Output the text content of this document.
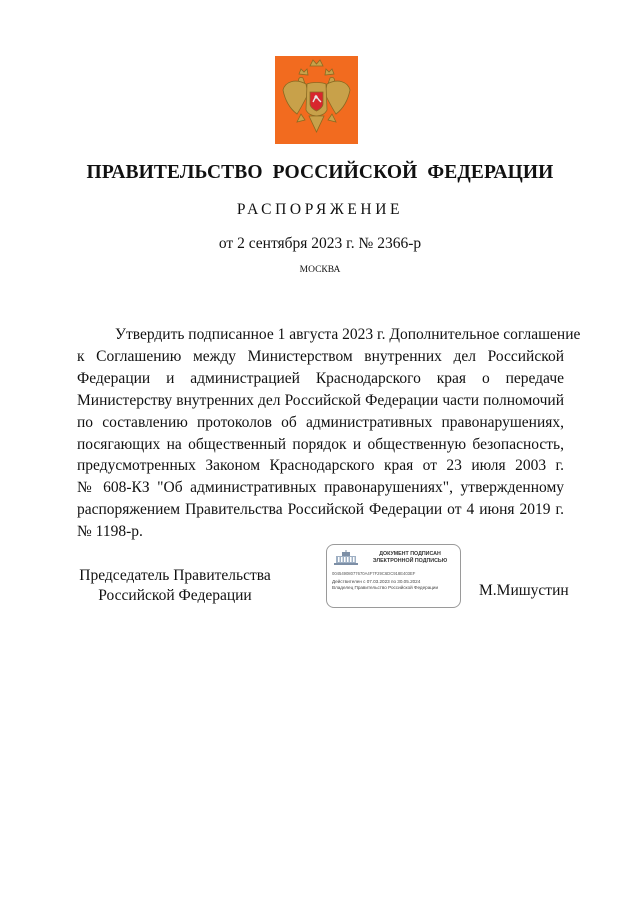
ПРАВИТЕЛЬСТВО РОССИЙСКОЙ ФЕДЕРАЦИИ
РАСПОРЯЖЕНИЕ
от 2 сентября 2023 г. № 2366-р
МОСКВА
Утвердить подписанное 1 августа 2023 г. Дополнительное соглашение
к Соглашению между Министерством внутренних дел Российской
Федерации и администрацией Краснодарского края о передаче
Министерству внутренних дел Российской Федерации части полномочий
по составлению протоколов об административных правонарушениях,
посягающих на общественный порядок и общественную безопасность,
предусмотренных Законом Краснодарского края от 23 июля 2003 г.
№ 608-КЗ "Об административных правонарушениях", утвержденному
распоряжением Правительства Российской Федерации от 4 июня 2019 г.
№ 1198-р.
Председатель Правительства
Российской Федерации
ДОКУМЕНТ ПОДПИСАН ЭЛЕКТРОННОЙ ПОДПИСЬЮ
00454908077670A4F7F29C6DC918E403EF
Действителен с 07.03.2023 по 30.05.2024
Владелец Правительство Российской Федерации	М.Мишустин
